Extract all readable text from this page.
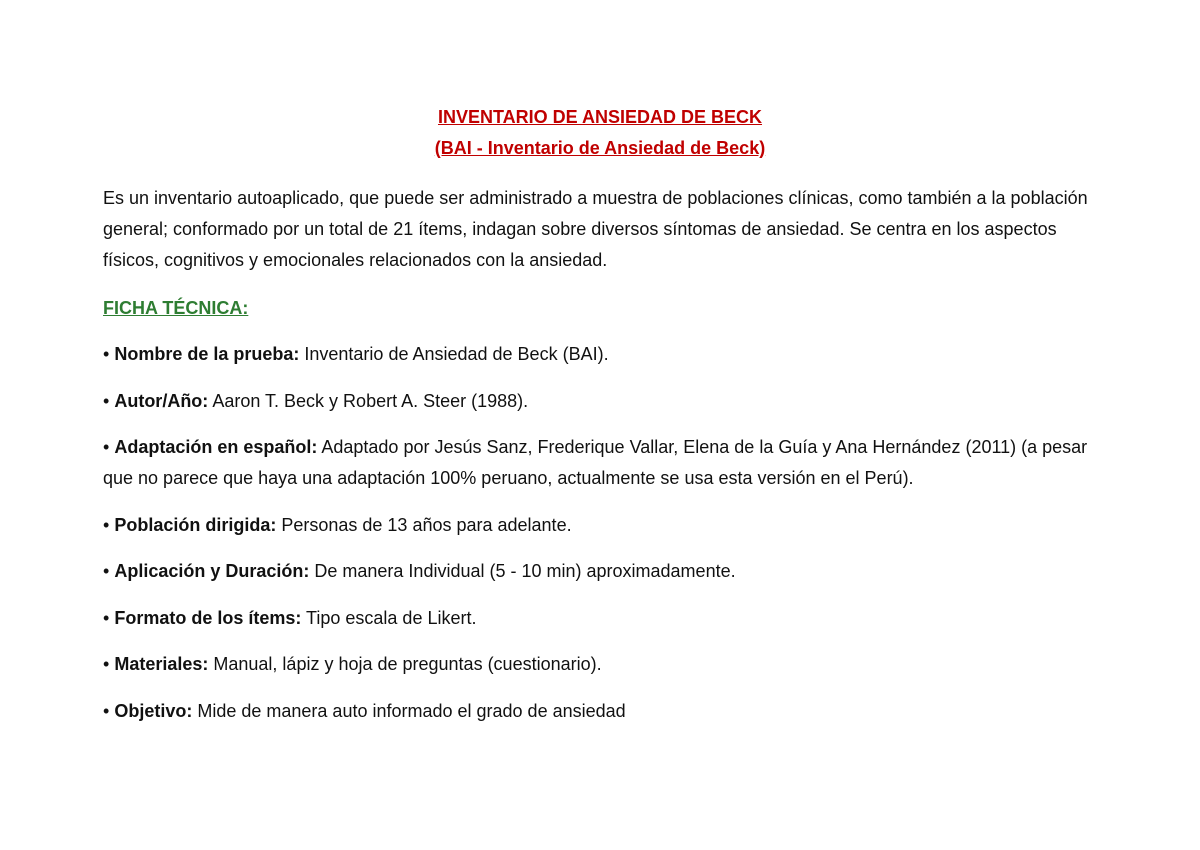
INVENTARIO DE ANSIEDAD DE BECK
(BAI - Inventario de Ansiedad de Beck)

Es un inventario autoaplicado, que puede ser administrado a muestra de poblaciones clínicas, como también a la población general; conformado por un total de 21 ítems, indagan sobre diversos síntomas de ansiedad. Se centra en los aspectos físicos, cognitivos y emocionales relacionados con la ansiedad.

FICHA TÉCNICA:

• Nombre de la prueba: Inventario de Ansiedad de Beck (BAI).

• Autor/Año: Aaron T. Beck y Robert A. Steer (1988).

• Adaptación en español: Adaptado por Jesús Sanz, Frederique Vallar, Elena de la Guía y Ana Hernández (2011) (a pesar que no parece que haya una adaptación 100% peruano, actualmente se usa esta versión en el Perú).

• Población dirigida: Personas de 13 años para adelante.

• Aplicación y Duración: De manera Individual (5 - 10 min) aproximadamente.

• Formato de los ítems: Tipo escala de Likert.

• Materiales: Manual, lápiz y hoja de preguntas (cuestionario).

• Objetivo: Mide de manera auto informado el grado de ansiedad
